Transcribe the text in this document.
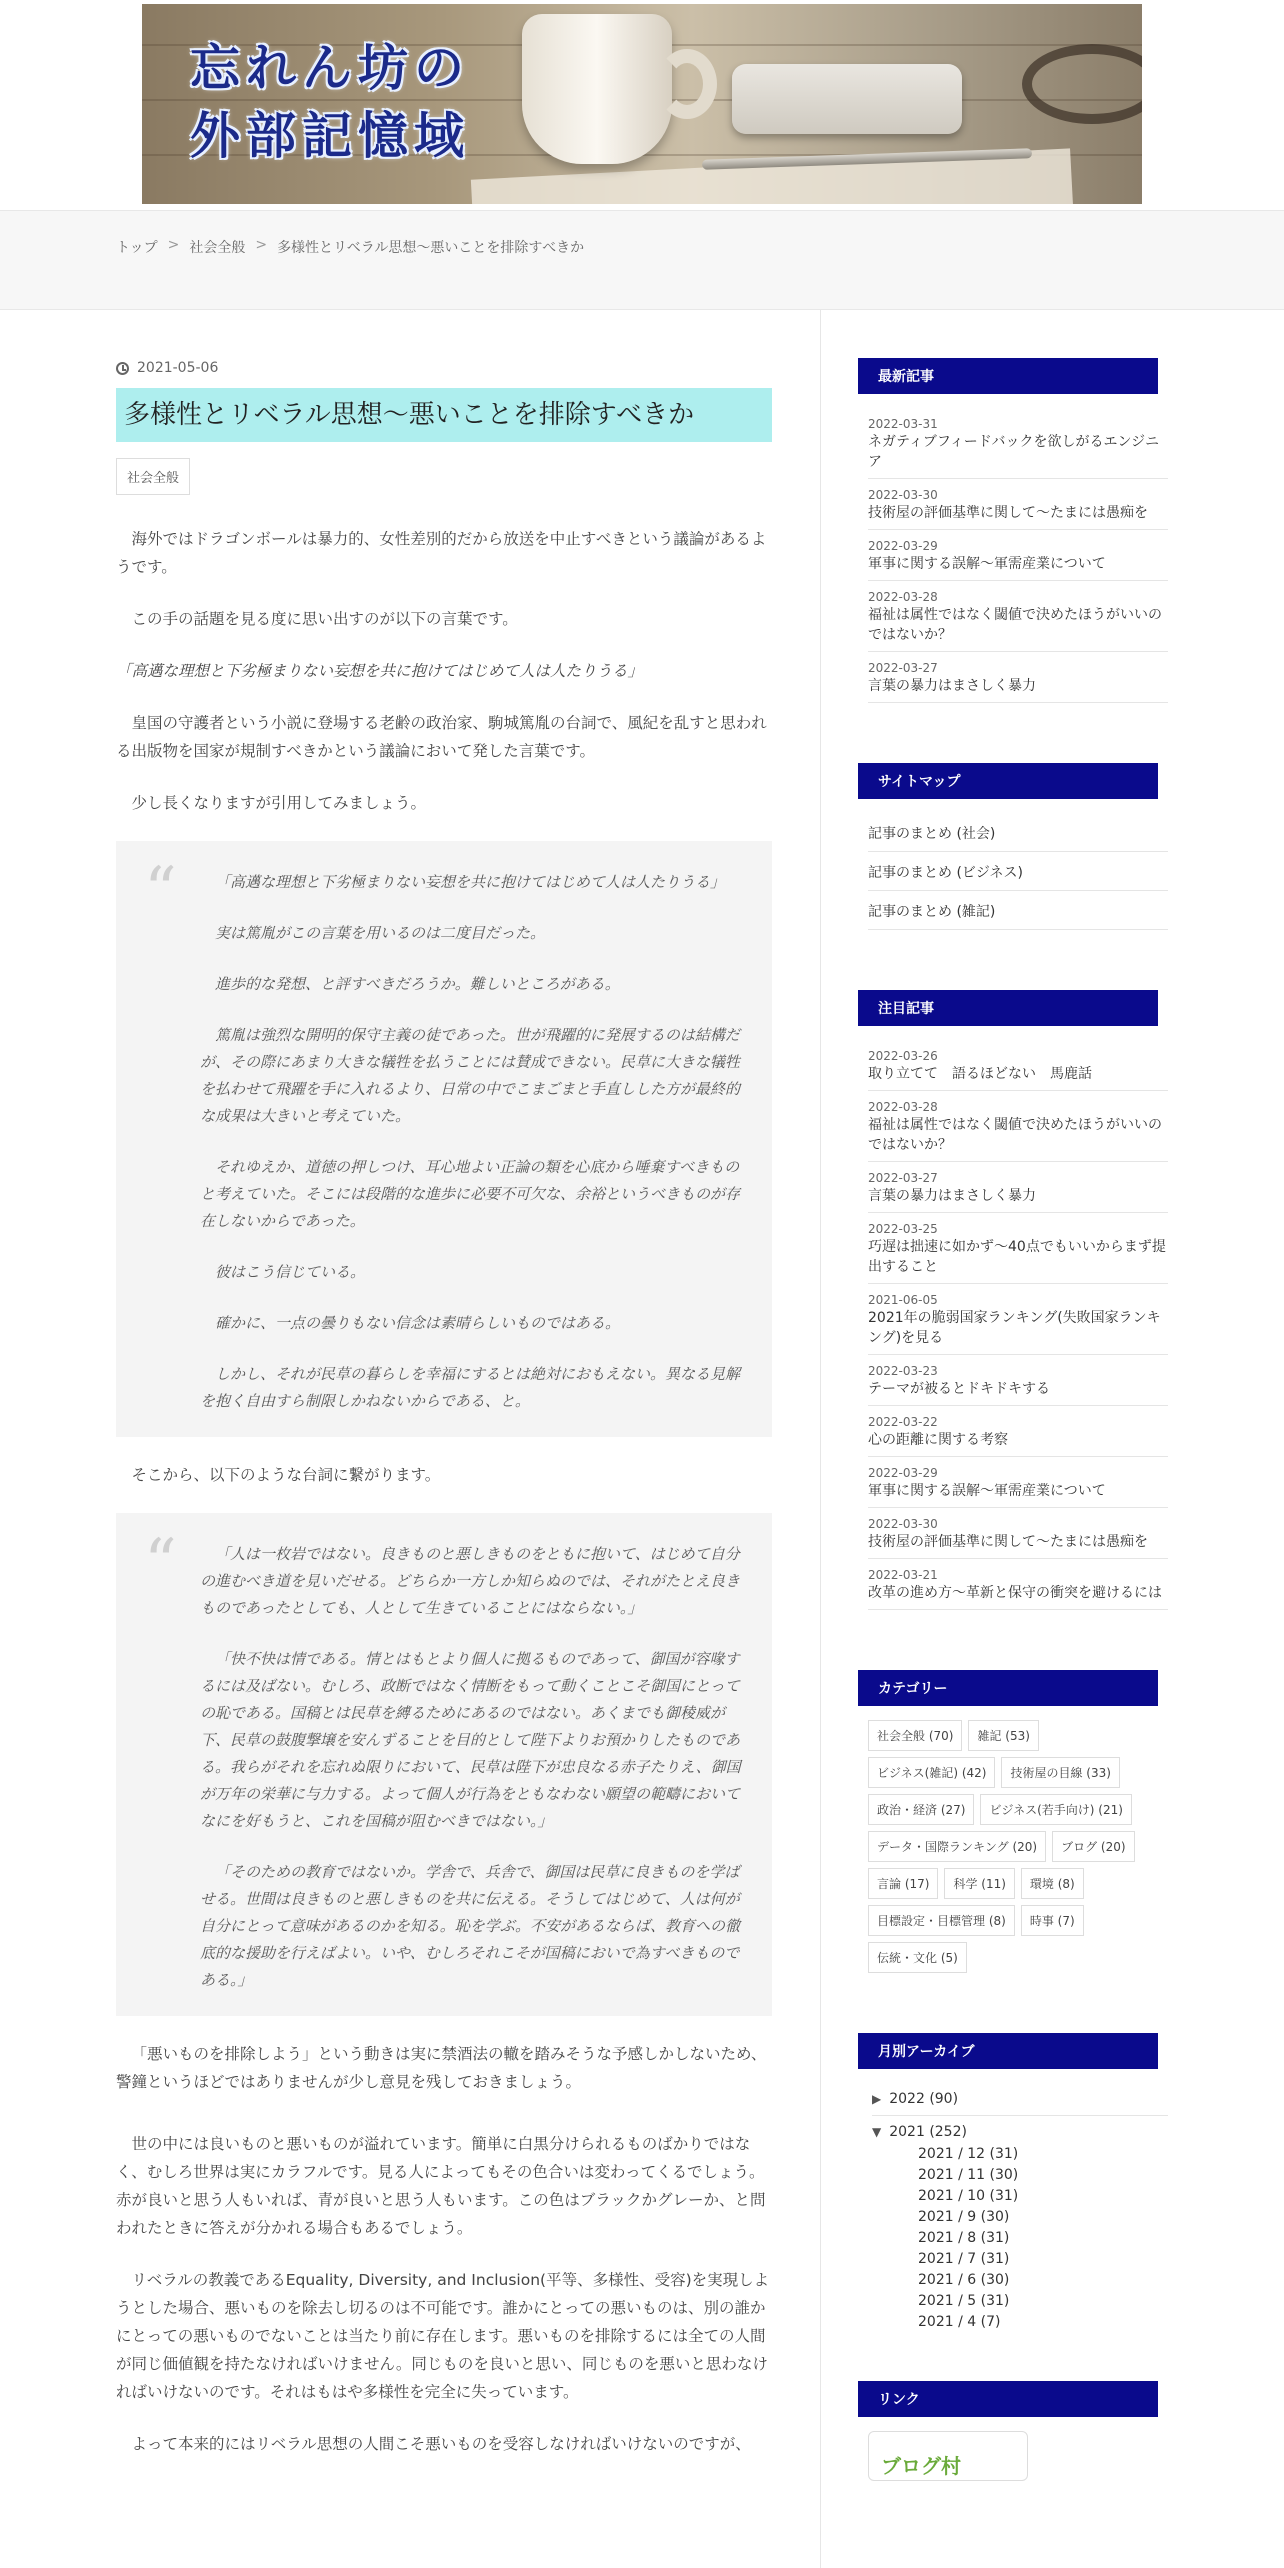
忘れん坊の
外部記憶域
トップ > 社会全般 > 多様性とリベラル思想～悪いことを排除すべきか
2021-05-06
多様性とリベラル思想～悪いことを排除すべきか
社会全般

海外ではドラゴンボールは暴力的、女性差別的だから放送を中止すべきという議論があるようです。

この手の話題を見る度に思い出すのが以下の言葉です。

「高邁な理想と下劣極まりない妄想を共に抱けてはじめて人は人たりうる」

皇国の守護者という小説に登場する老齢の政治家、駒城篤胤の台詞で、風紀を乱すと思われる出版物を国家が規制すべきかという議論において発した言葉です。

少し長くなりますが引用してみましょう。

“	「高邁な理想と下劣極まりない妄想を共に抱けてはじめて人は人たりうる」

実は篤胤がこの言葉を用いるのは二度目だった。

進歩的な発想、と評すべきだろうか。難しいところがある。

篤胤は強烈な開明的保守主義の徒であった。世が飛躍的に発展するのは結構だが、その際にあまり大きな犠牲を払うことには賛成できない。民草に大きな犠牲を払わせて飛躍を手に入れるより、日常の中でこまごまと手直しした方が最終的な成果は大きいと考えていた。

それゆえか、道徳の押しつけ、耳心地よい正論の類を心底から唾棄すべきものと考えていた。そこには段階的な進歩に必要不可欠な、余裕というべきものが存在しないからであった。

彼はこう信じている。

確かに、一点の曇りもない信念は素晴らしいものではある。

しかし、それが民草の暮らしを幸福にするとは絶対におもえない。異なる見解を抱く自由すら制限しかねないからである、と。

そこから、以下のような台詞に繋がります。

“	「人は一枚岩ではない。良きものと悪しきものをともに抱いて、はじめて自分の進むべき道を見いだせる。どちらか一方しか知らぬのでは、それがたとえ良きものであったとしても、人として生きていることにはならない。」

「快不快は情である。情とはもとより個人に拠るものであって、御国が容喙するには及ばない。むしろ、政断ではなく情断をもって動くことこそ御国にとっての恥である。国稿とは民草を縛るためにあるのではない。あくまでも御稜威が下、民草の鼓腹撃壌を安んずることを目的として陛下よりお預かりしたものである。我らがそれを忘れぬ限りにおいて、民草は陛下が忠良なる赤子たりえ、御国が万年の栄華に与力する。よって個人が行為をともなわない願望の範疇においてなにを好もうと、これを国稿が阻むべきではない。」

「そのための教育ではないか。学舎で、兵舎で、御国は民草に良きものを学ばせる。世間は良きものと悪しきものを共に伝える。そうしてはじめて、人は何が自分にとって意味があるのかを知る。恥を学ぶ。不安があるならば、教育への徹底的な援助を行えばよい。いや、むしろそれこそが国稿においで為すべきものである。」

「悪いものを排除しよう」という動きは実に禁酒法の轍を踏みそうな予感しかしないため、警鐘というほどではありませんが少し意見を残しておきましょう。

世の中には良いものと悪いものが溢れています。簡単に白黒分けられるものばかりではなく、むしろ世界は実にカラフルです。見る人によってもその色合いは変わってくるでしょう。赤が良いと思う人もいれば、青が良いと思う人もいます。この色はブラックかグレーか、と問われたときに答えが分かれる場合もあるでしょう。

リベラルの教義であるEquality, Diversity, and Inclusion(平等、多様性、受容)を実現しようとした場合、悪いものを除去し切るのは不可能です。誰かにとっての悪いものは、別の誰かにとっての悪いものでないことは当たり前に存在します。悪いものを排除するには全ての人間が同じ価値観を持たなければいけません。同じものを良いと思い、同じものを悪いと思わなければいけないのです。それはもはや多様性を完全に失っています。

よって本来的にはリベラル思想の人間こそ悪いものを受容しなければいけないのですが、

最新記事
2022-03-31
ネガティブフィードバックを欲しがるエンジニア
2022-03-30
技術屋の評価基準に関して～たまには愚痴を
2022-03-29
軍事に関する誤解～軍需産業について
2022-03-28
福祉は属性ではなく閾値で決めたほうがいいのではないか？
2022-03-27
言葉の暴力はまさしく暴力
サイトマップ
記事のまとめ (社会)
記事のまとめ (ビジネス)
記事のまとめ (雑記)
注目記事
2022-03-26
取り立てて　語るほどない　馬鹿話
2022-03-28
福祉は属性ではなく閾値で決めたほうがいいのではないか？
2022-03-27
言葉の暴力はまさしく暴力
2022-03-25
巧遅は拙速に如かず～40点でもいいからまず提出すること
2021-06-05
2021年の脆弱国家ランキング(失敗国家ランキング)を見る
2022-03-23
テーマが被るとドキドキする
2022-03-22
心の距離に関する考察
2022-03-29
軍事に関する誤解～軍需産業について
2022-03-30
技術屋の評価基準に関して～たまには愚痴を
2022-03-21
改革の進め方〜革新と保守の衝突を避けるには
カテゴリー
社会全般 (70)	雑記 (53)
ビジネス(雑記) (42)	技術屋の目線 (33)
政治・経済 (27)	ビジネス(若手向け) (21)
データ・国際ランキング (20)	ブログ (20)
言論 (17)	科学 (11)	環境 (8)
目標設定・目標管理 (8)	時事 (7)
伝統・文化 (5)
月別アーカイブ
▶ 2022 (90)
▼ 2021 (252)
2021 / 12 (31)
2021 / 11 (30)
2021 / 10 (31)
2021 / 9 (30)
2021 / 8 (31)
2021 / 7 (31)
2021 / 6 (30)
2021 / 5 (31)
2021 / 4 (7)
リンク
ブログ村
